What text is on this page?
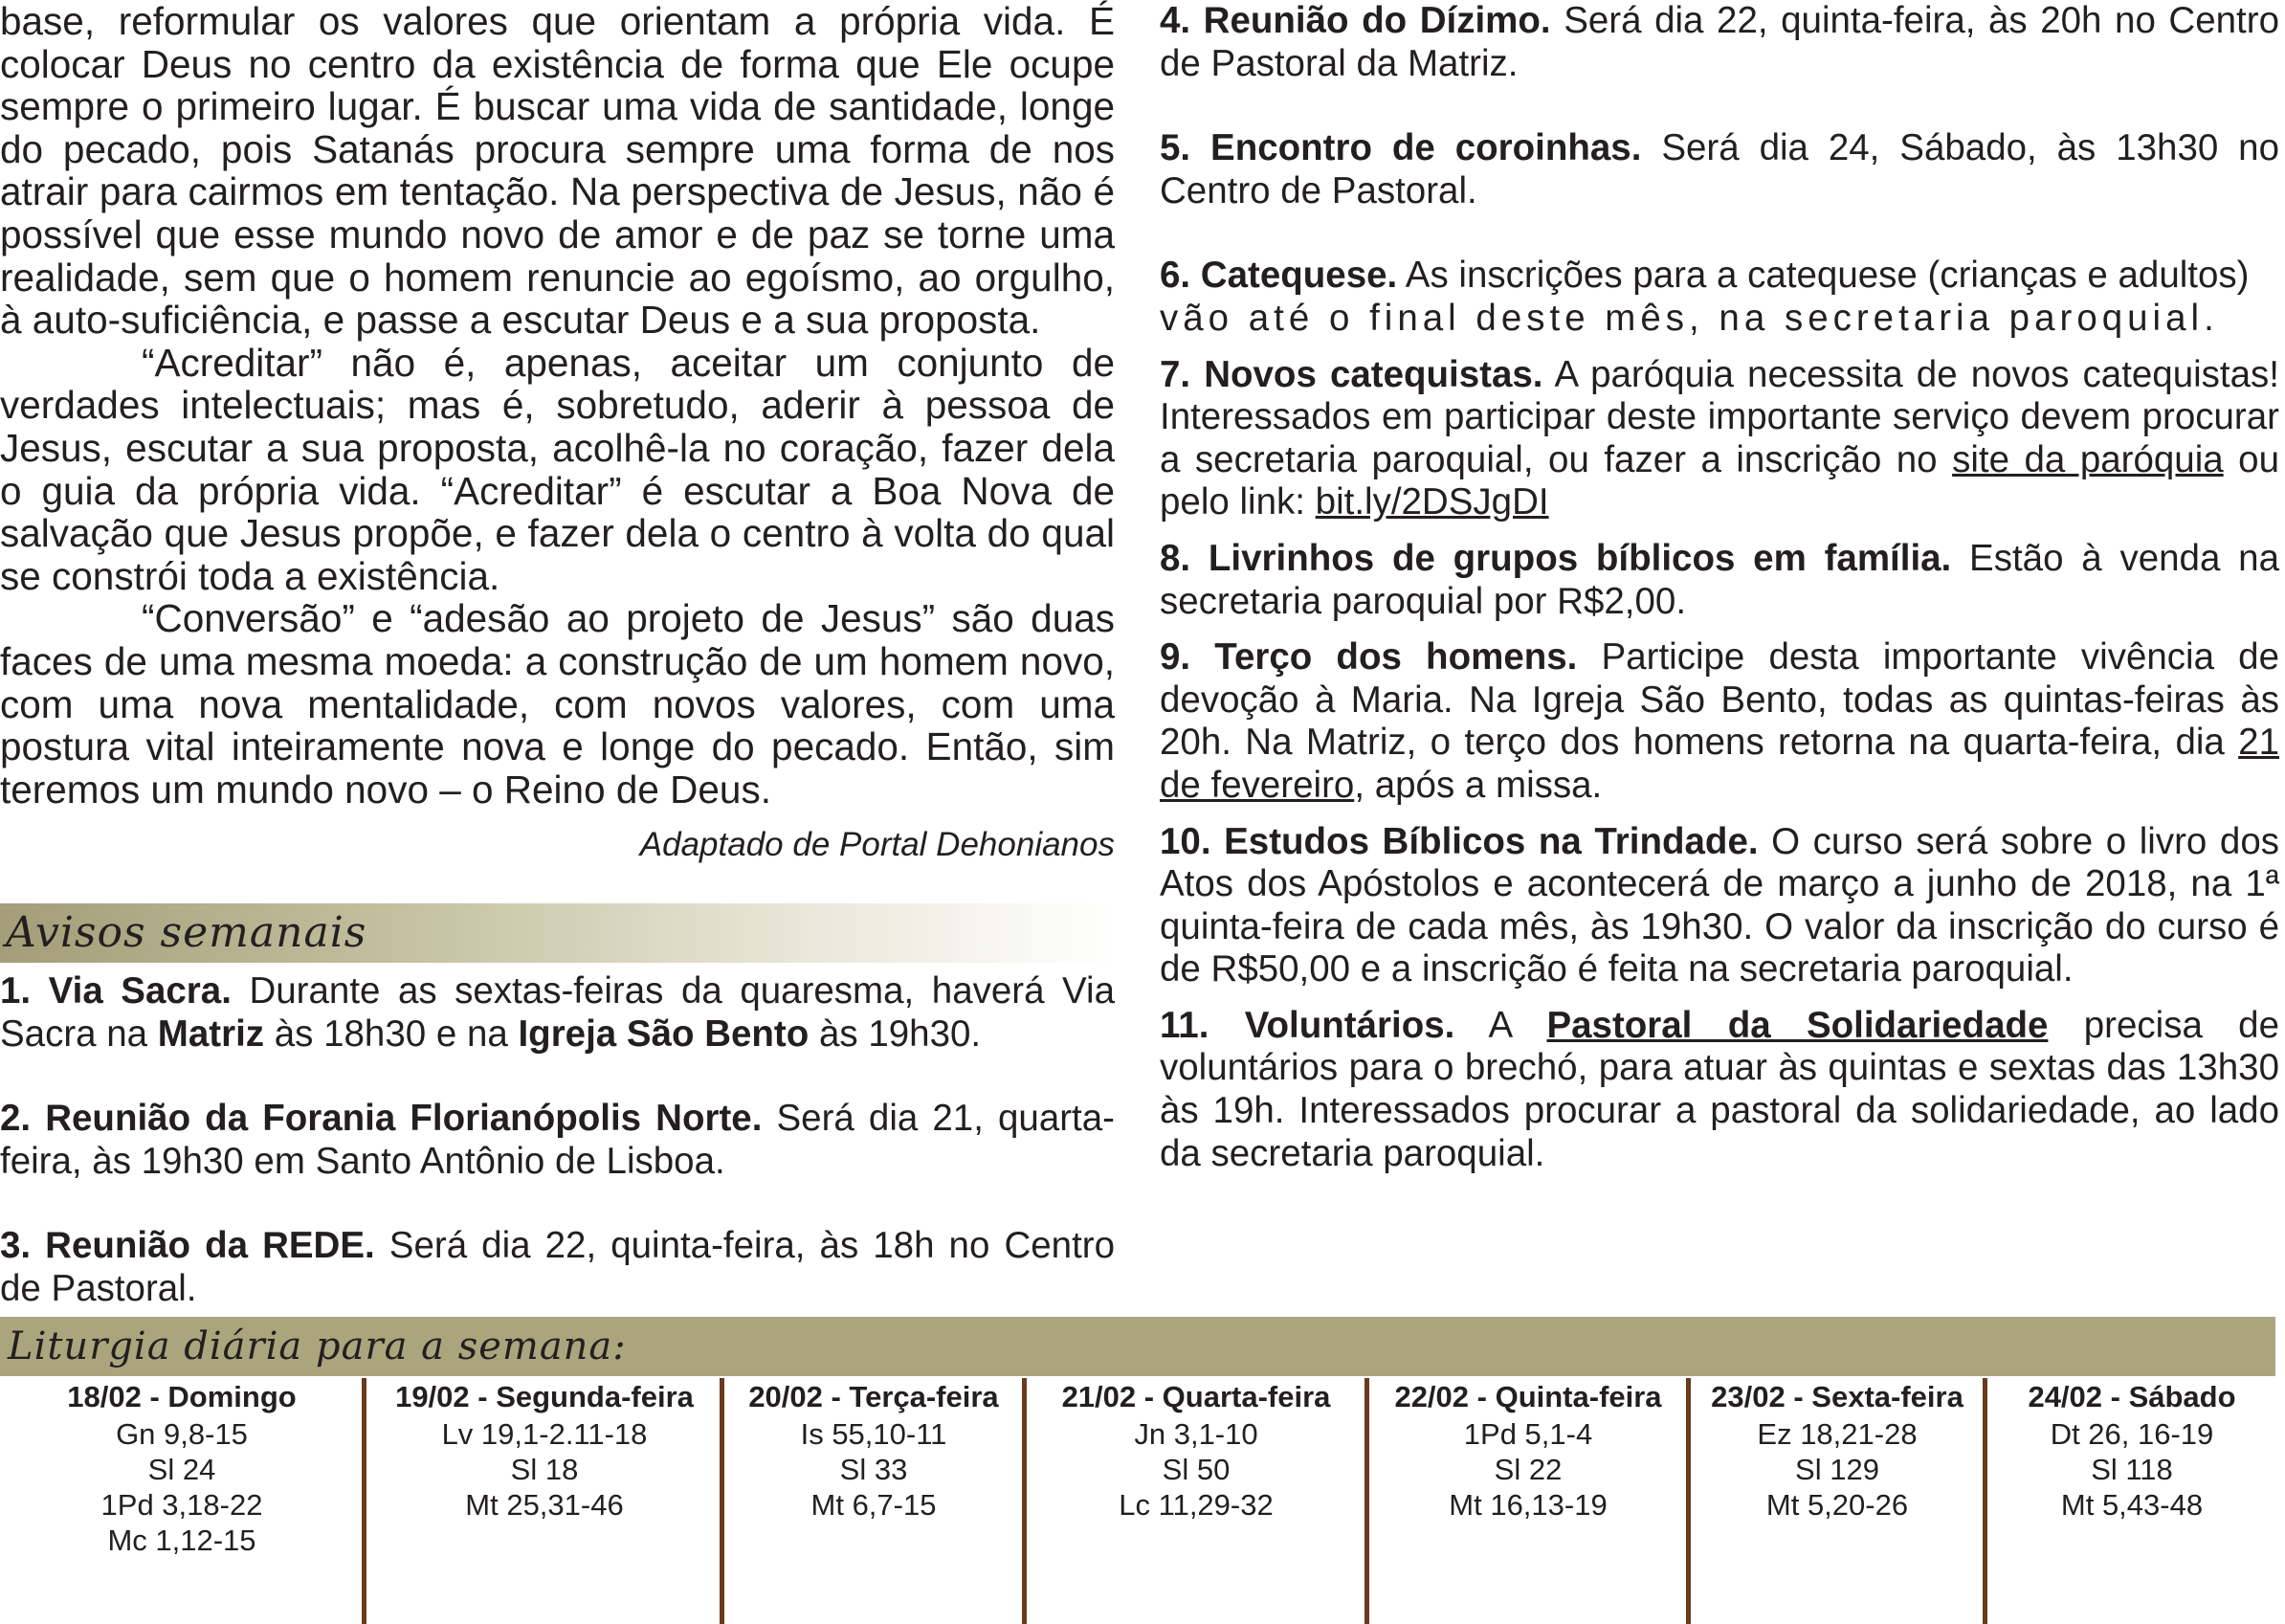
base, reformular os valores que orientam a própria vida. É colocar Deus no centro da existência de forma que Ele ocupe sempre o primeiro lugar. É buscar uma vida de santidade, longe do pecado, pois Satanás procura sempre uma forma de nos atrair para cairmos em tentação. Na perspectiva de Jesus, não é possível que esse mundo novo de amor e de paz se torne uma realidade, sem que o homem renuncie ao egoísmo, ao orgulho, à auto-suficiência, e passe a escutar Deus e a sua proposta.

“Acreditar” não é, apenas, aceitar um conjunto de verdades intelectuais; mas é, sobretudo, aderir à pessoa de Jesus, escutar a sua proposta, acolhê-la no coração, fazer dela o guia da própria vida. “Acreditar” é escutar a Boa Nova de salvação que Jesus propõe, e fazer dela o centro à volta do qual se constrói toda a existência.

“Conversão” e “adesão ao projeto de Jesus” são duas faces de uma mesma moeda: a construção de um homem novo, com uma nova mentalidade, com novos valores, com uma postura vital inteiramente nova e longe do pecado. Então, sim teremos um mundo novo – o Reino de Deus.

Adaptado de Portal Dehonianos

Avisos semanais

1. Via Sacra. Durante as sextas-feiras da quaresma, haverá Via Sacra na Matriz às 18h30 e na Igreja São Bento às 19h30.

2. Reunião da Forania Florianópolis Norte. Será dia 21, quarta-feira, às 19h30 em Santo Antônio de Lisboa.

3. Reunião da REDE. Será dia 22, quinta-feira, às 18h no Centro de Pastoral.

4. Reunião do Dízimo. Será dia 22, quinta-feira, às 20h no Centro de Pastoral da Matriz.

5. Encontro de coroinhas. Será dia 24, Sábado, às 13h30 no Centro de Pastoral.

6. Catequese. As inscrições para a catequese (crianças e adultos)

vão até o final deste mês, na secretaria paroquial.

7. Novos catequistas. A paróquia necessita de novos catequistas! Interessados em participar deste importante serviço devem procurar a secretaria paroquial, ou fazer a inscrição no site da paróquia ou pelo link: bit.ly/2DSJgDI

8. Livrinhos de grupos bíblicos em família. Estão à venda na secretaria paroquial por R$2,00.

9. Terço dos homens. Participe desta importante vivência de devoção à Maria. Na Igreja São Bento, todas as quintas-feiras às 20h. Na Matriz, o terço dos homens retorna na quarta-feira, dia 21 de fevereiro, após a missa.

10. Estudos Bíblicos na Trindade. O curso será sobre o livro dos Atos dos Apóstolos e acontecerá de março a junho de 2018, na 1ª quinta-feira de cada mês, às 19h30. O valor da inscrição do curso é de R$50,00 e a inscrição é feita na secretaria paroquial.

11. Voluntários. A Pastoral da Solidariedade precisa de voluntários para o brechó, para atuar às quintas e sextas das 13h30 às 19h. Interessados procurar a pastoral da solidariedade, ao lado da secretaria paroquial.

Liturgia diária para a semana:
18/02 - Domingo
Gn 9,8-15
Sl 24
1Pd 3,18-22
Mc 1,12-15
19/02 - Segunda-feira
Lv 19,1-2.11-18
Sl 18
Mt 25,31-46
20/02 - Terça-feira
Is 55,10-11
Sl 33
Mt 6,7-15
21/02 - Quarta-feira
Jn 3,1-10
Sl 50
Lc 11,29-32
22/02 - Quinta-feira
1Pd 5,1-4
Sl 22
Mt 16,13-19
23/02 - Sexta-feira
Ez 18,21-28
Sl 129
Mt 5,20-26
24/02 - Sábado
Dt 26, 16-19
Sl 118
Mt 5,43-48
